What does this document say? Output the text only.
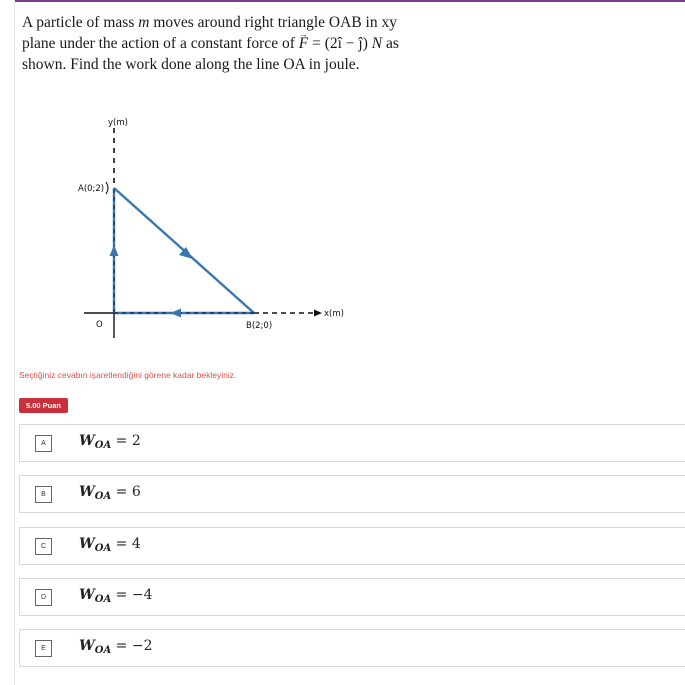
A particle of mass m moves around right triangle OAB in xy
plane under the action of a constant force of → F = (2î − ĵ) N as
shown. Find the work done along the line OA in joule.
y(m)
A(0;2)
B(2;0)
x(m)
O
Seçtiğiniz cevabın işaretlendiğini görene kadar bekleyiniz.
5.00 Puan
A	$W_{OA} = 2$
B	$W_{OA} = 6$
C	$W_{OA} = 4$
D	$W_{OA} = -4$
E	$W_{OA} = -2$
